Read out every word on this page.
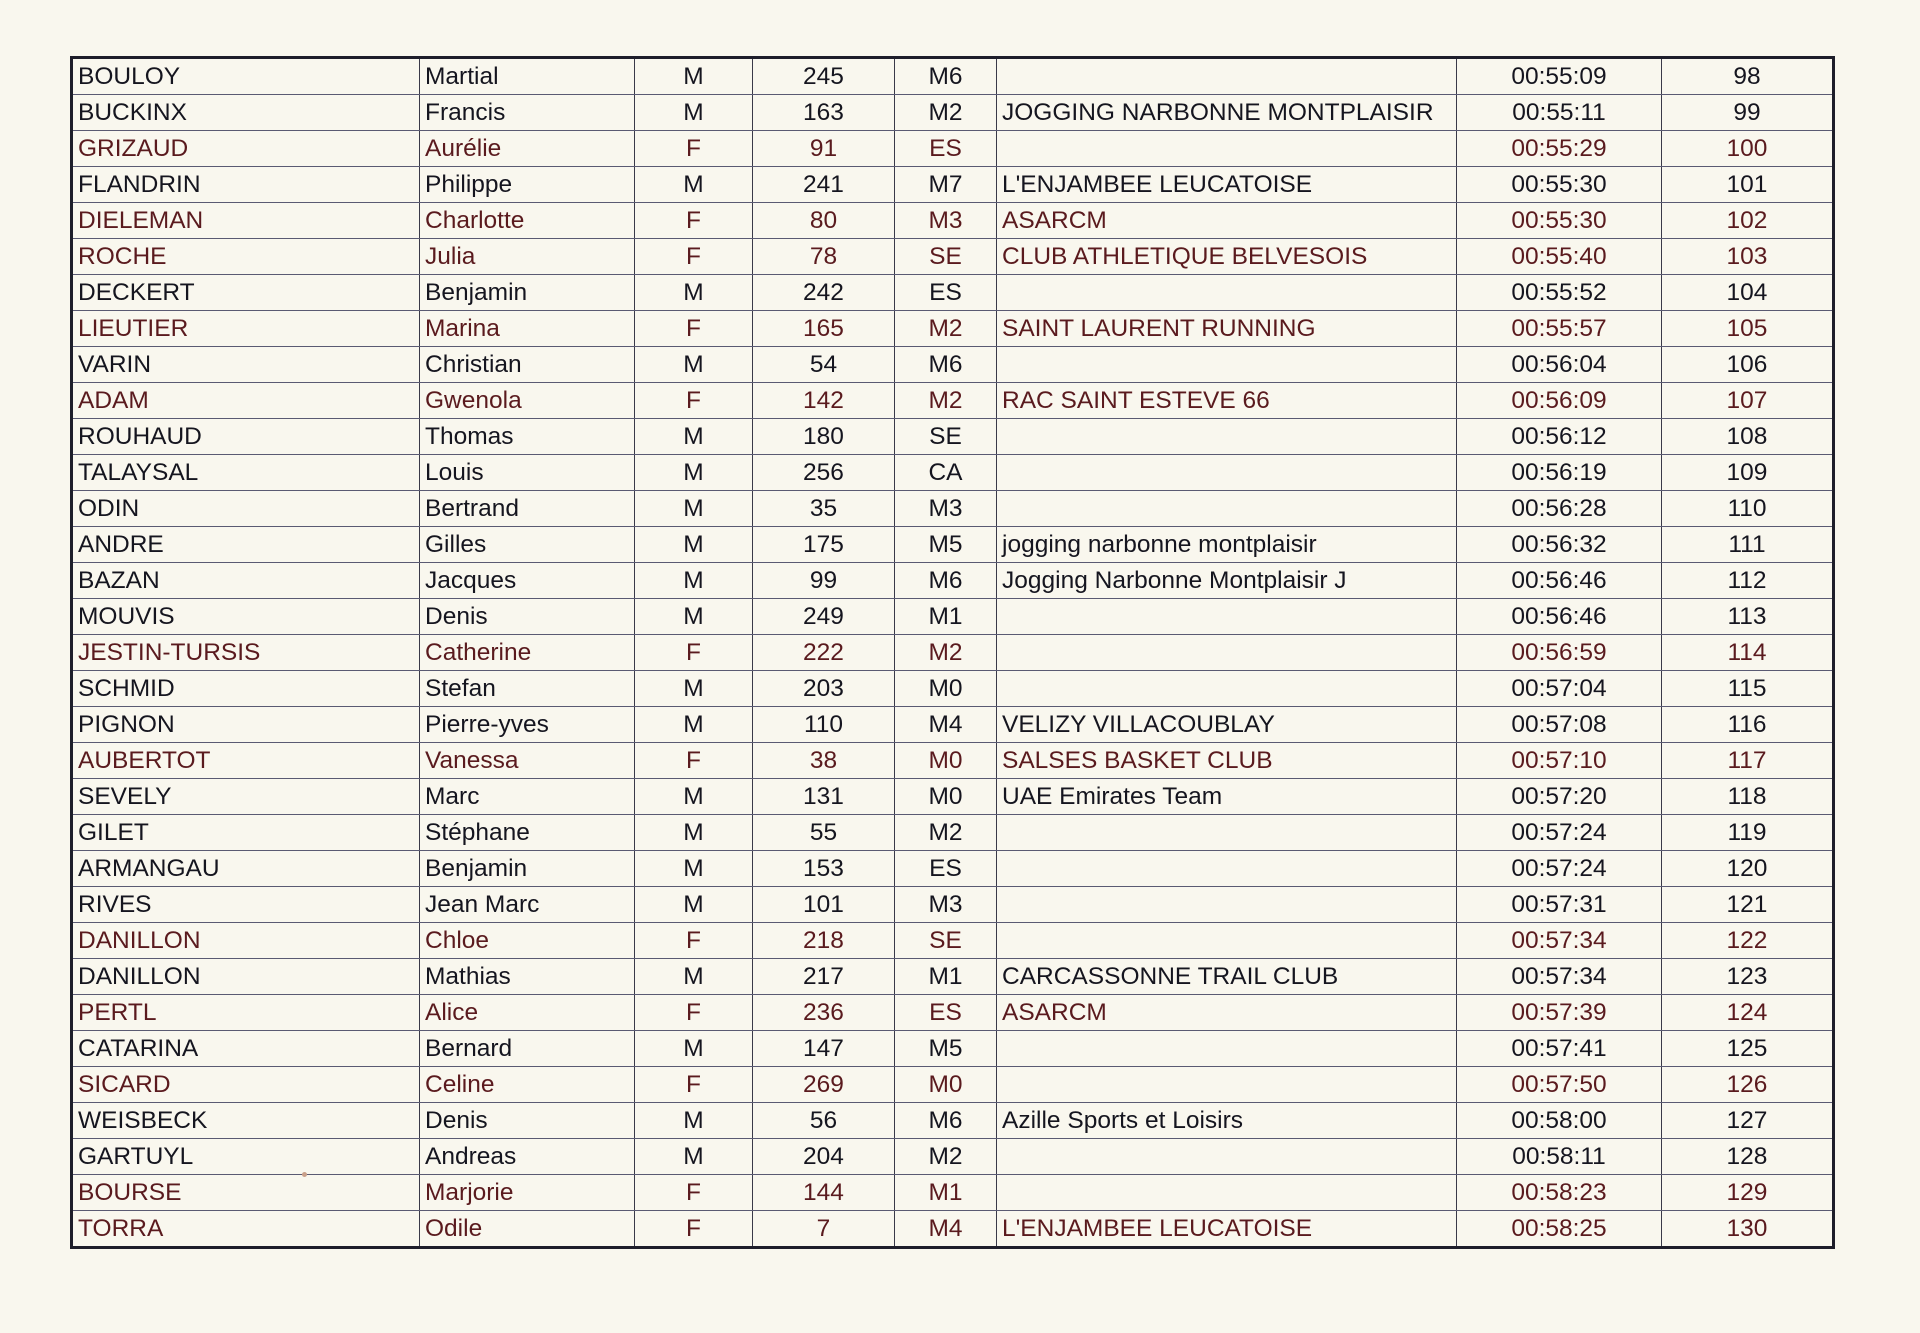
BOULOY	Martial	M	245	M6		00:55:09	98
BUCKINX	Francis	M	163	M2	JOGGING NARBONNE MONTPLAISIR	00:55:11	99
GRIZAUD	Aurélie	F	91	ES		00:55:29	100
FLANDRIN	Philippe	M	241	M7	L'ENJAMBEE LEUCATOISE	00:55:30	101
DIELEMAN	Charlotte	F	80	M3	ASARCM	00:55:30	102
ROCHE	Julia	F	78	SE	CLUB ATHLETIQUE BELVESOIS	00:55:40	103
DECKERT	Benjamin	M	242	ES		00:55:52	104
LIEUTIER	Marina	F	165	M2	SAINT LAURENT RUNNING	00:55:57	105
VARIN	Christian	M	54	M6		00:56:04	106
ADAM	Gwenola	F	142	M2	RAC SAINT ESTEVE 66	00:56:09	107
ROUHAUD	Thomas	M	180	SE		00:56:12	108
TALAYSAL	Louis	M	256	CA		00:56:19	109
ODIN	Bertrand	M	35	M3		00:56:28	110
ANDRE	Gilles	M	175	M5	jogging narbonne montplaisir	00:56:32	111
BAZAN	Jacques	M	99	M6	Jogging Narbonne Montplaisir J	00:56:46	112
MOUVIS	Denis	M	249	M1		00:56:46	113
JESTIN-TURSIS	Catherine	F	222	M2		00:56:59	114
SCHMID	Stefan	M	203	M0		00:57:04	115
PIGNON	Pierre-yves	M	110	M4	VELIZY VILLACOUBLAY	00:57:08	116
AUBERTOT	Vanessa	F	38	M0	SALSES BASKET CLUB	00:57:10	117
SEVELY	Marc	M	131	M0	UAE Emirates Team	00:57:20	118
GILET	Stéphane	M	55	M2		00:57:24	119
ARMANGAU	Benjamin	M	153	ES		00:57:24	120
RIVES	Jean Marc	M	101	M3		00:57:31	121
DANILLON	Chloe	F	218	SE		00:57:34	122
DANILLON	Mathias	M	217	M1	CARCASSONNE TRAIL CLUB	00:57:34	123
PERTL	Alice	F	236	ES	ASARCM	00:57:39	124
CATARINA	Bernard	M	147	M5		00:57:41	125
SICARD	Celine	F	269	M0		00:57:50	126
WEISBECK	Denis	M	56	M6	Azille Sports et Loisirs	00:58:00	127
GARTUYL	Andreas	M	204	M2		00:58:11	128
BOURSE	Marjorie	F	144	M1		00:58:23	129
TORRA	Odile	F	7	M4	L'ENJAMBEE LEUCATOISE	00:58:25	130
